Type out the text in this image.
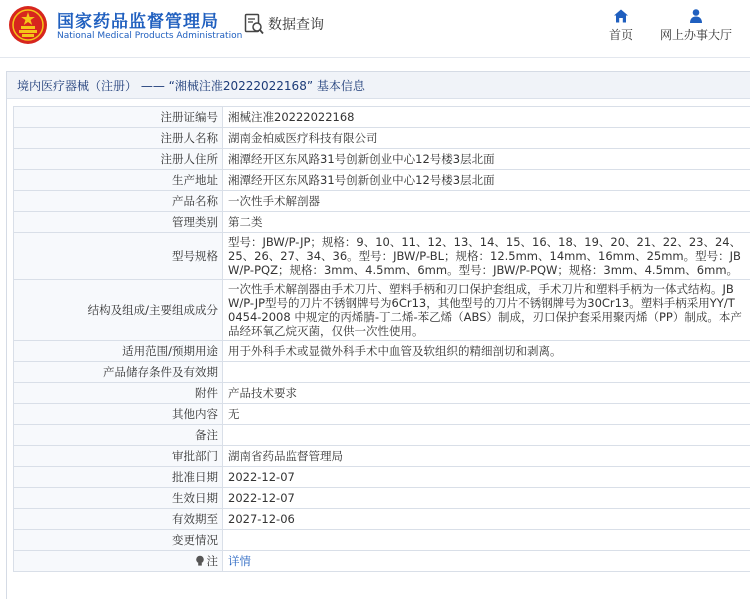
国家药品监督管理局
National Medical Products Administration
数据查询
首页	网上办事大厅
境内医疗器械（注册） —— “湘械注准20222022168” 基本信息
注册证编号	湘械注准20222022168
注册人名称	湖南金柏威医疗科技有限公司
注册人住所	湘潭经开区东风路31号创新创业中心12号楼3层北面
生产地址	湘潭经开区东风路31号创新创业中心12号楼3层北面
产品名称	一次性手术解剖器
管理类别	第二类
型号规格	型号：JBW/P-JP；规格：9、10、11、12、13、14、15、16、18、19、20、21、22、23、24、25、26、27、34、36。型号：JBW/P-BL；规格：12.5mm、14mm、16mm、25mm。型号：JBW/P-PQZ；规格：3mm、4.5mm、6mm。型号：JBW/P-PQW；规格：3mm、4.5mm、6mm。
结构及组成/主要组成成分	一次性手术解剖器由手术刀片、塑料手柄和刃口保护套组成，手术刀片和塑料手柄为一体式结构。JBW/P-JP型号的刀片不锈钢牌号为6Cr13，其他型号的刀片不锈钢牌号为30Cr13。塑料手柄采用YY/T 0454-2008 中规定的丙烯腈-丁二烯-苯乙烯（ABS）制成，刃口保护套采用聚丙烯（PP）制成。本产品经环氧乙烷灭菌，仅供一次性使用。
适用范围/预期用途	用于外科手术或显微外科手术中血管及软组织的精细剖切和剥离。
产品储存条件及有效期	
附件	产品技术要求
其他内容	无
备注	
审批部门	湖南省药品监督管理局
批准日期	2022-12-07
生效日期	2022-12-07
有效期至	2027-12-06
变更情况	
注	详情
